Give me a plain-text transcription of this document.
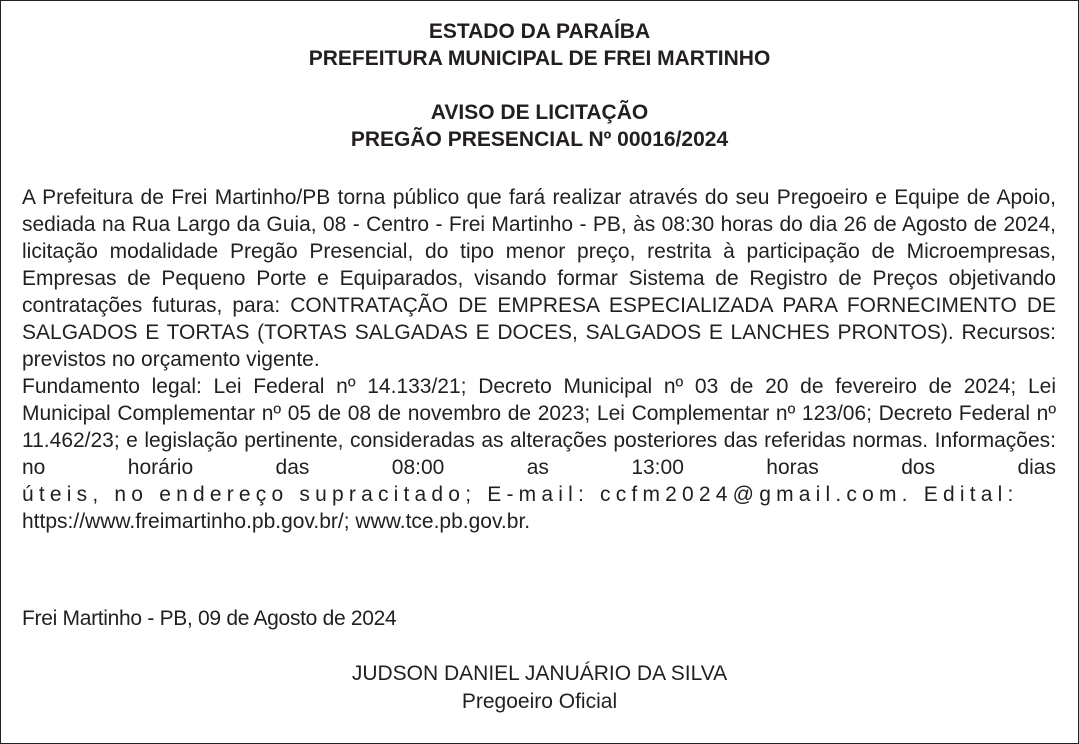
ESTADO DA PARAÍBA
PREFEITURA MUNICIPAL DE FREI MARTINHO
AVISO DE LICITAÇÃO
PREGÃO PRESENCIAL Nº 00016/2024

A Prefeitura de Frei Martinho/PB torna público que fará realizar através do seu Pregoeiro e Equipe de Apoio, sediada na Rua Largo da Guia, 08 - Centro - Frei Martinho - PB, às 08:30 horas do dia 26 de Agosto de 2024, licitação modalidade Pregão Presencial, do tipo menor preço, restrita à participação de Microempresas, Empresas de Pequeno Porte e Equiparados, visando formar Sistema de Registro de Preços objetivando contratações futuras, para: CONTRATAÇÃO DE EMPRESA ESPECIALIZADA PARA FORNECIMENTO DE SALGADOS E TORTAS (TORTAS SALGADAS E DOCES, SALGADOS E LANCHES PRONTOS). Recursos: previstos no orçamento vigente.

Fundamento legal: Lei Federal nº 14.133/21; Decreto Municipal nº 03 de 20 de fevereiro de 2024; Lei Municipal Complementar nº 05 de 08 de novembro de 2023; Lei Complementar nº 123/06; Decreto Federal nº 11.462/23; e legislação pertinente, consideradas as alterações posteriores das referidas normas. Informações: no horário das 08:00 as 13:00 horas dos dias úteis, no endereço supracitado; E-mail: ccfm2024@gmail.com. Edital:
https://www.freimartinho.pb.gov.br/; www.tce.pb.gov.br.

Frei Martinho - PB, 09 de Agosto de 2024
JUDSON DANIEL JANUÁRIO DA SILVA
Pregoeiro Oficial
